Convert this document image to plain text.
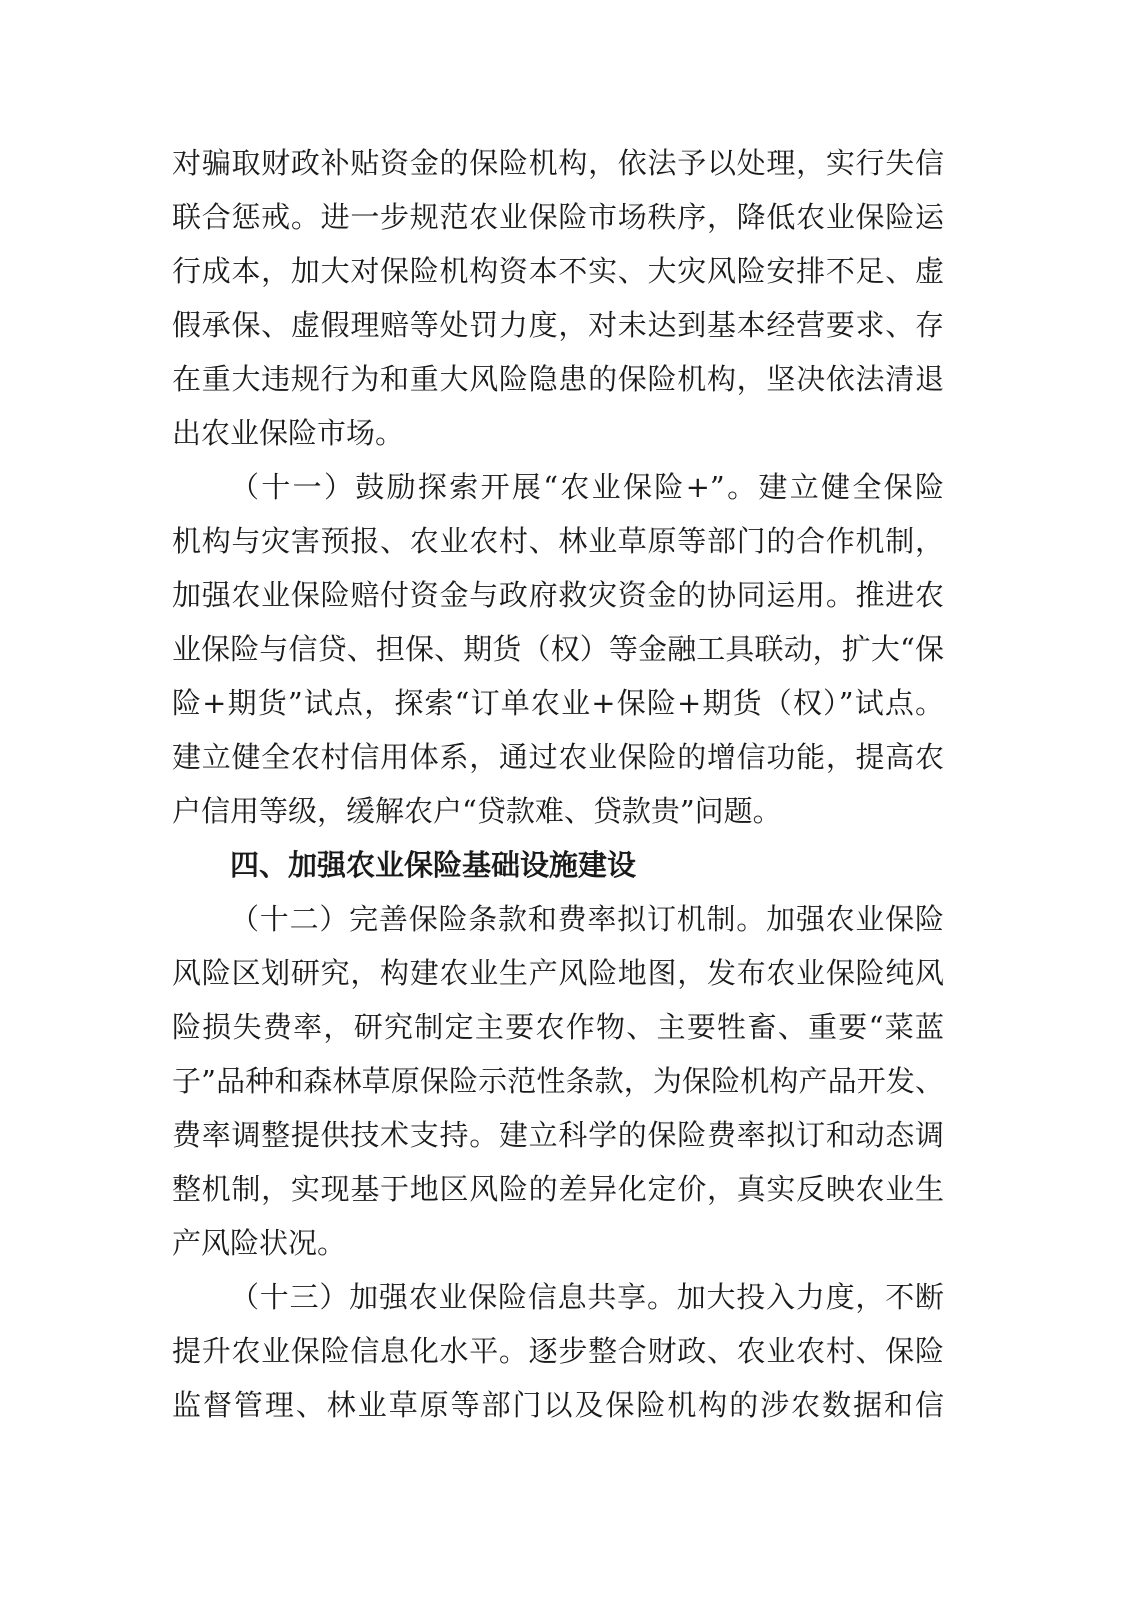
对骗取财政补贴资金的保险机构，依法予以处理，实行失信
联合惩戒。进一步规范农业保险市场秩序，降低农业保险运
行成本，加大对保险机构资本不实、大灾风险安排不足、虚
假承保、虚假理赔等处罚力度，对未达到基本经营要求、存
在重大违规行为和重大风险隐患的保险机构，坚决依法清退
出农业保险市场。
（十一）鼓励探索开展“农业保险+”。建立健全保险
机构与灾害预报、农业农村、林业草原等部门的合作机制，
加强农业保险赔付资金与政府救灾资金的协同运用。推进农
业保险与信贷、担保、期货（权）等金融工具联动，扩大“保
险+期货”试点，探索“订单农业+保险+期货（权）”试点。
建立健全农村信用体系，通过农业保险的增信功能，提高农
户信用等级，缓解农户“贷款难、贷款贵”问题。
四、加强农业保险基础设施建设
（十二）完善保险条款和费率拟订机制。加强农业保险
风险区划研究，构建农业生产风险地图，发布农业保险纯风
险损失费率，研究制定主要农作物、主要牲畜、重要“菜蓝
子”品种和森林草原保险示范性条款，为保险机构产品开发、
费率调整提供技术支持。建立科学的保险费率拟订和动态调
整机制，实现基于地区风险的差异化定价，真实反映农业生
产风险状况。
（十三）加强农业保险信息共享。加大投入力度，不断
提升农业保险信息化水平。逐步整合财政、农业农村、保险
监督管理、林业草原等部门以及保险机构的涉农数据和信
